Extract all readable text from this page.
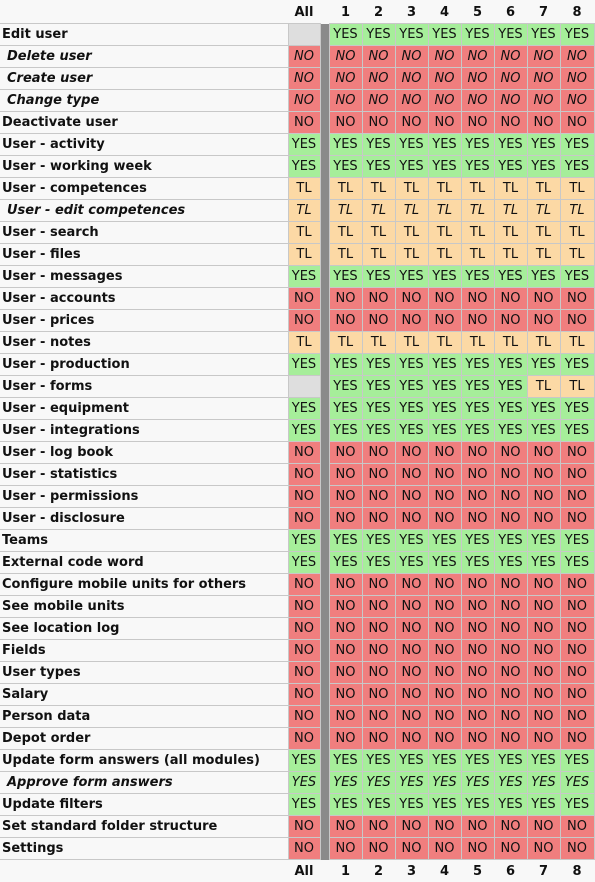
	All		1	2	3	4	5	6	7	8
Edit user			YES	YES	YES	YES	YES	YES	YES	YES
Delete user	NO		NO	NO	NO	NO	NO	NO	NO	NO
Create user	NO		NO	NO	NO	NO	NO	NO	NO	NO
Change type	NO		NO	NO	NO	NO	NO	NO	NO	NO
Deactivate user	NO		NO	NO	NO	NO	NO	NO	NO	NO
User - activity	YES		YES	YES	YES	YES	YES	YES	YES	YES
User - working week	YES		YES	YES	YES	YES	YES	YES	YES	YES
User - competences	TL		TL	TL	TL	TL	TL	TL	TL	TL
User - edit competences	TL		TL	TL	TL	TL	TL	TL	TL	TL
User - search	TL		TL	TL	TL	TL	TL	TL	TL	TL
User - files	TL		TL	TL	TL	TL	TL	TL	TL	TL
User - messages	YES		YES	YES	YES	YES	YES	YES	YES	YES
User - accounts	NO		NO	NO	NO	NO	NO	NO	NO	NO
User - prices	NO		NO	NO	NO	NO	NO	NO	NO	NO
User - notes	TL		TL	TL	TL	TL	TL	TL	TL	TL
User - production	YES		YES	YES	YES	YES	YES	YES	YES	YES
User - forms			YES	YES	YES	YES	YES	YES	TL	TL
User - equipment	YES		YES	YES	YES	YES	YES	YES	YES	YES
User - integrations	YES		YES	YES	YES	YES	YES	YES	YES	YES
User - log book	NO		NO	NO	NO	NO	NO	NO	NO	NO
User - statistics	NO		NO	NO	NO	NO	NO	NO	NO	NO
User - permissions	NO		NO	NO	NO	NO	NO	NO	NO	NO
User - disclosure	NO		NO	NO	NO	NO	NO	NO	NO	NO
Teams	YES		YES	YES	YES	YES	YES	YES	YES	YES
External code word	YES		YES	YES	YES	YES	YES	YES	YES	YES
Configure mobile units for others	NO		NO	NO	NO	NO	NO	NO	NO	NO
See mobile units	NO		NO	NO	NO	NO	NO	NO	NO	NO
See location log	NO		NO	NO	NO	NO	NO	NO	NO	NO
Fields	NO		NO	NO	NO	NO	NO	NO	NO	NO
User types	NO		NO	NO	NO	NO	NO	NO	NO	NO
Salary	NO		NO	NO	NO	NO	NO	NO	NO	NO
Person data	NO		NO	NO	NO	NO	NO	NO	NO	NO
Depot order	NO		NO	NO	NO	NO	NO	NO	NO	NO
Update form answers (all modules)	YES		YES	YES	YES	YES	YES	YES	YES	YES
Approve form answers	YES		YES	YES	YES	YES	YES	YES	YES	YES
Update filters	YES		YES	YES	YES	YES	YES	YES	YES	YES
Set standard folder structure	NO		NO	NO	NO	NO	NO	NO	NO	NO
Settings	NO		NO	NO	NO	NO	NO	NO	NO	NO
	All		1	2	3	4	5	6	7	8
